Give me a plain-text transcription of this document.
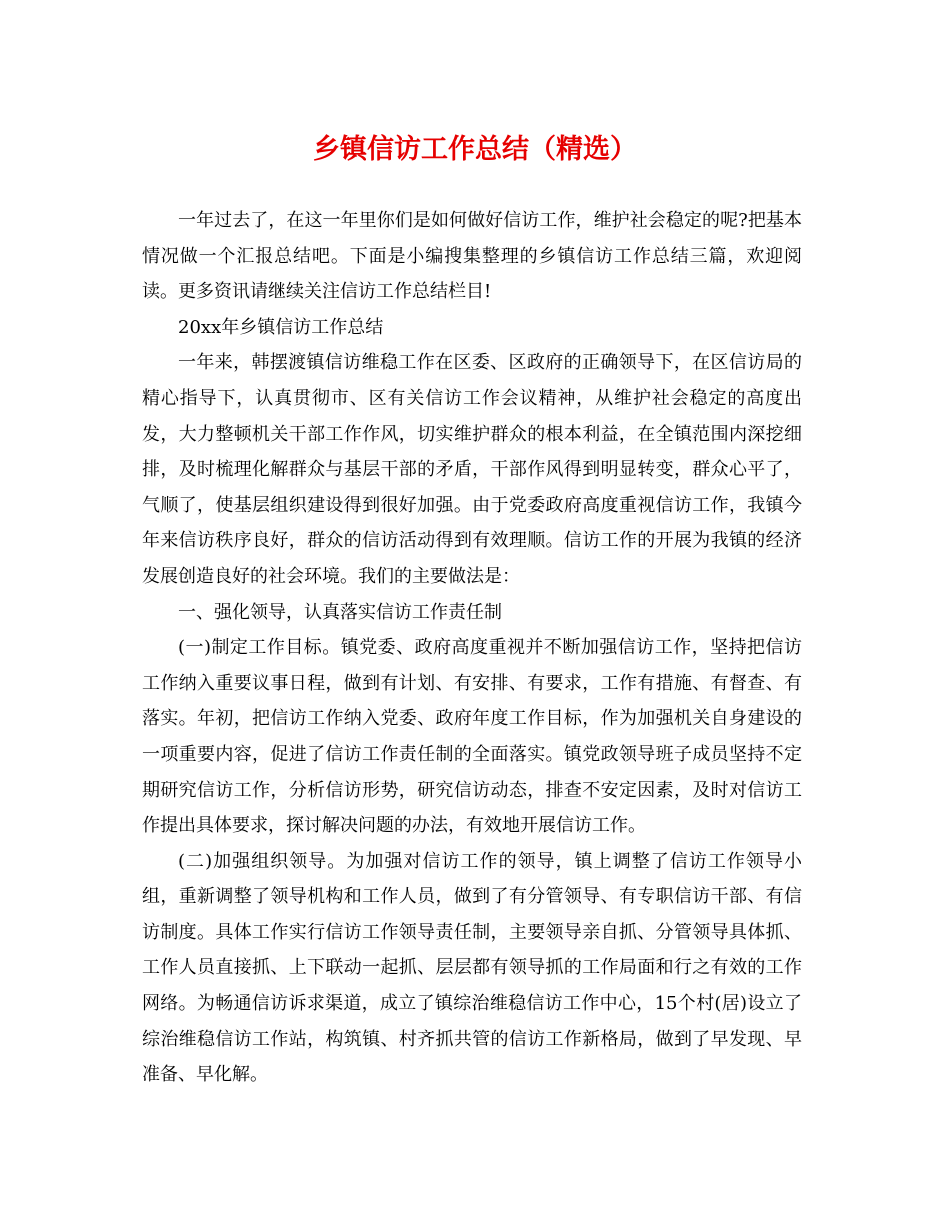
乡镇信访工作总结（精选）

一年过去了，在这一年里你们是如何做好信访工作，维护社会稳定的呢?把基本情况做一个汇报总结吧。下面是小编搜集整理的乡镇信访工作总结三篇，欢迎阅读。更多资讯请继续关注信访工作总结栏目!

20xx年乡镇信访工作总结

一年来，韩摆渡镇信访维稳工作在区委、区政府的正确领导下，在区信访局的精心指导下，认真贯彻市、区有关信访工作会议精神，从维护社会稳定的高度出发，大力整顿机关干部工作作风，切实维护群众的根本利益，在全镇范围内深挖细排，及时梳理化解群众与基层干部的矛盾，干部作风得到明显转变，群众心平了，气顺了，使基层组织建设得到很好加强。由于党委政府高度重视信访工作，我镇今年来信访秩序良好，群众的信访活动得到有效理顺。信访工作的开展为我镇的经济发展创造良好的社会环境。我们的主要做法是：

一、强化领导，认真落实信访工作责任制

(一)制定工作目标。镇党委、政府高度重视并不断加强信访工作，坚持把信访工作纳入重要议事日程，做到有计划、有安排、有要求，工作有措施、有督查、有落实。年初，把信访工作纳入党委、政府年度工作目标，作为加强机关自身建设的一项重要内容，促进了信访工作责任制的全面落实。镇党政领导班子成员坚持不定期研究信访工作，分析信访形势，研究信访动态，排查不安定因素，及时对信访工作提出具体要求，探讨解决问题的办法，有效地开展信访工作。

(二)加强组织领导。为加强对信访工作的领导，镇上调整了信访工作领导小组，重新调整了领导机构和工作人员，做到了有分管领导、有专职信访干部、有信访制度。具体工作实行信访工作领导责任制，主要领导亲自抓、分管领导具体抓、工作人员直接抓、上下联动一起抓、层层都有领导抓的工作局面和行之有效的工作网络。为畅通信访诉求渠道，成立了镇综治维稳信访工作中心，15个村(居)设立了综治维稳信访工作站，构筑镇、村齐抓共管的信访工作新格局，做到了早发现、早准备、早化解。
